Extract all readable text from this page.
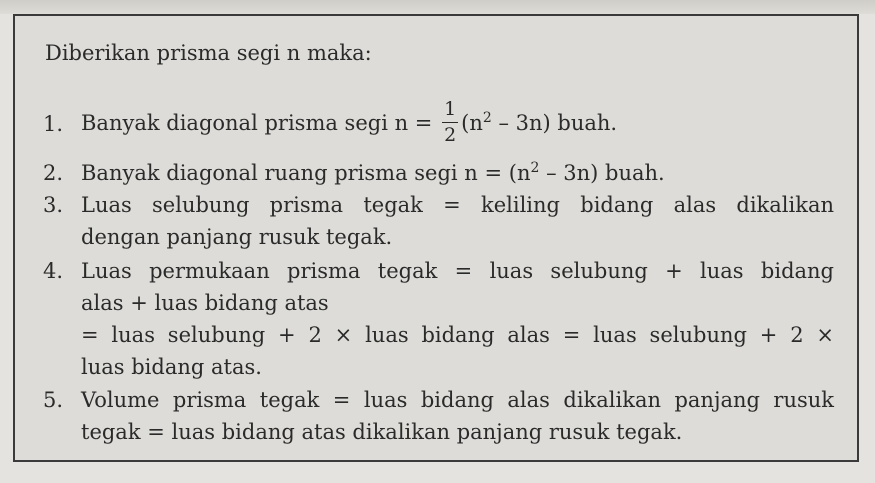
Diberikan prisma segi n maka:
1. Banyak diagonal prisma segi $n = \frac{1}{2} (n^2 - 3n)$ buah.
2. Banyak diagonal ruang prisma segi $n = (n^2 - 3n)$ buah.
3. Luas selubung prisma tegak = keliling bidang alas dikalikan
dengan panjang rusuk tegak.
4. Luas permukaan prisma tegak = luas selubung + luas bidang
alas + luas bidang atas
= luas selubung + 2 × luas bidang alas = luas selubung + 2 ×
luas bidang atas.
5. Volume prisma tegak = luas bidang alas dikalikan panjang rusuk
tegak = luas bidang atas dikalikan panjang rusuk tegak.
